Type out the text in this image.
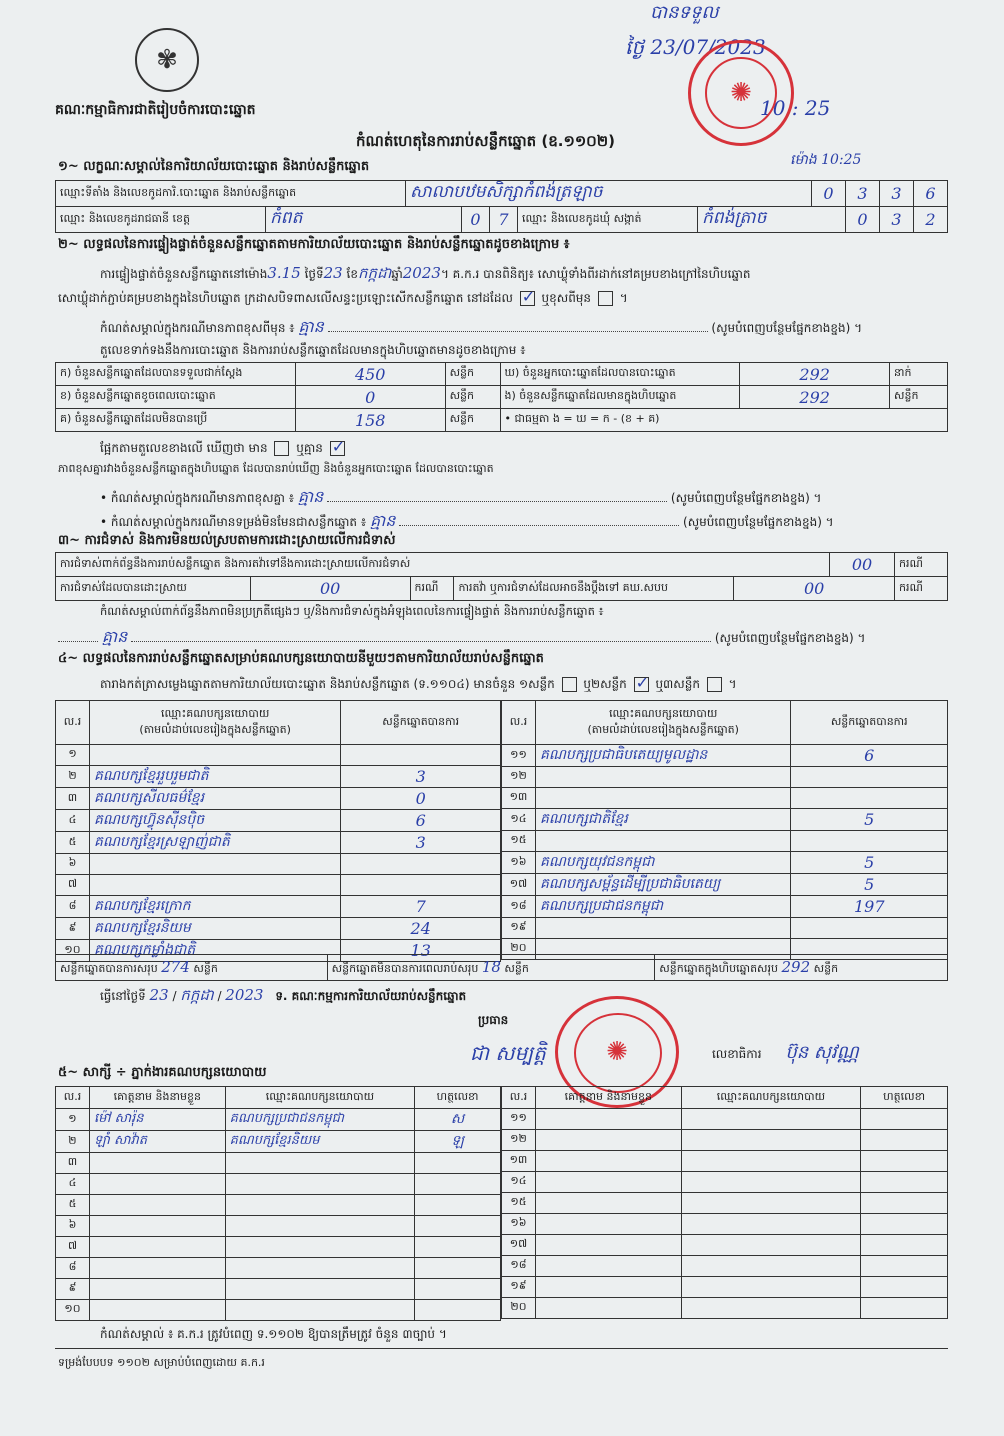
✾
គណៈកម្មាធិការជាតិរៀបចំការបោះឆ្នោត
កំណត់ហេតុនៃការរាប់សន្លឹកឆ្នោត (ឧ.១១០២)
បានទទួល
ថ្ងៃ 23/07/2023
10 : 25
ម៉ោង 10:25
✺
១~ លក្ខណៈសម្គាល់នៃការិយាល័យបោះឆ្នោត និងរាប់សន្លឹកឆ្នោត
ឈ្មោះទីតាំង និងលេខកូដការិ.បោះឆ្នោត និងរាប់សន្លឹកឆ្នោត	សាលាបឋមសិក្សាកំពង់ត្រឡាច	0	3	3	6
ឈ្មោះ និងលេខកូដរាជធានី ខេត្ត	កំពត	0	7	ឈ្មោះ និងលេខកូដឃុំ សង្កាត់	កំពង់ត្រាច	0	3	2
២~ លទ្ធផលនៃការផ្ទៀងផ្ទាត់ចំនួនសន្លឹកឆ្នោតតាមការិយាល័យបោះឆ្នោត និងរាប់សន្លឹកឆ្នោតដូចខាងក្រោម ៖
ការផ្ទៀងផ្ទាត់ចំនួនសន្លឹកឆ្នោតនៅម៉ោង3.15 ថ្ងៃទី23 ខែកក្កដាឆ្នាំ2023។ គ.ក.រ បានពិនិត្យ៖ សោឃ្លុំទាំងពីរដាក់នៅគម្របខាងក្រៅនៃហិបឆ្នោត
សោឃ្លុំដាក់ភ្ជាប់គម្របខាងក្នុងនៃហិបឆ្នោត ក្រដាសបិទពាសលើសន្ទះប្រឡោះសើកសន្លឹកឆ្នោត នៅដដែល ✓ ឬខុសពីមុន  ។
កំណត់សម្គាល់ក្នុងករណីមានភាពខុសពីមុន ៖ គ្មាន	(សូមបំពេញបន្ថែមផ្នែកខាងខ្នង) ។
តួលេខទាក់ទងនឹងការបោះឆ្នោត និងការរាប់សន្លឹកឆ្នោតដែលមានក្នុងហិបឆ្នោតមានដូចខាងក្រោម ៖
ក) ចំនួនសន្លឹកឆ្នោតដែលបានទទួលជាក់ស្តែង	450	សន្លឹក	ឃ) ចំនួនអ្នកបោះឆ្នោតដែលបានបោះឆ្នោត	292	នាក់
ខ) ចំនួនសន្លឹកឆ្នោតខូចពេលបោះឆ្នោត	0	សន្លឹក	ង) ចំនួនសន្លឹកឆ្នោតដែលមានក្នុងហិបឆ្នោត	292	សន្លឹក
គ) ចំនួនសន្លឹកឆ្នោតដែលមិនបានប្រើ	158	សន្លឹក	• ជាធម្មតា ង = ឃ = ក - (ខ + គ)		
ផ្អែកតាមតួលេខខាងលើ ឃើញថា មាន ឬគ្មាន ✓
ភាពខុសគ្នារវាងចំនួនសន្លឹកឆ្នោតក្នុងហិបឆ្នោត ដែលបានរាប់ឃើញ និងចំនួនអ្នកបោះឆ្នោត ដែលបានបោះឆ្នោត
• កំណត់សម្គាល់ក្នុងករណីមានភាពខុសគ្នា ៖ គ្មាន	(សូមបំពេញបន្ថែមផ្នែកខាងខ្នង) ។
• កំណត់សម្គាល់ក្នុងករណីមានទម្រង់មិនមែនជាសន្លឹកឆ្នោត ៖ គ្មាន	(សូមបំពេញបន្ថែមផ្នែកខាងខ្នង) ។
៣~ ការជំទាស់ និងការមិនយល់ស្របតាមការដោះស្រាយលើការជំទាស់
ការជំទាស់ពាក់ព័ន្ធនឹងការរាប់សន្លឹកឆ្នោត និងការតវ៉ាទៅនឹងការដោះស្រាយលើការជំទាស់	00	ករណី
ការជំទាស់ដែលបានដោះស្រាយ	00	ករណី	ការតវ៉ា ឬការជំទាស់ដែលអាចនឹងប្តឹងទៅ គឃ.សបប	00	ករណី
កំណត់សម្គាល់ពាក់ព័ន្ធនឹងភាពមិនប្រក្រតីផ្សេងៗ ឬ/និងការជំទាស់ក្នុងអំឡុងពេលនៃការផ្ទៀងផ្ទាត់ និងការរាប់សន្លឹកឆ្នោត ៖
គ្មាន	(សូមបំពេញបន្ថែមផ្នែកខាងខ្នង) ។
៤~ លទ្ធផលនៃការរាប់សន្លឹកឆ្នោតសម្រាប់គណបក្សនយោបាយនីមួយៗតាមការិយាល័យរាប់សន្លឹកឆ្នោត
តារាងកត់ត្រាសម្លេងឆ្នោតតាមការិយាល័យបោះឆ្នោត និងរាប់សន្លឹកឆ្នោត (ទ.១១០៤) មានចំនួន ១សន្លឹក ឬ២សន្លឹក ✓ ឬ៣សន្លឹក  ។
ល.រ	ឈ្មោះគណបក្សនយោបាយ
(តាមលំដាប់លេខរៀងក្នុងសន្លឹកឆ្នោត)	សន្លឹកឆ្នោតបានការ
១		
២	គណបក្សខ្មែររួបរួមជាតិ	3
៣	គណបក្សសីលធម៌ខ្មែរ	0
៤	គណបក្សហ៊្វុនស៊ីនប៉ិច	6
៥	គណបក្សខ្មែរស្រឡាញ់ជាតិ	3
៦		
៧		
៨	គណបក្សខ្មែរក្រោក	7
៩	គណបក្សខ្មែរនិយម	24
១០	គណបក្សកម្លាំងជាតិ	13
ល.រ	ឈ្មោះគណបក្សនយោបាយ
(តាមលំដាប់លេខរៀងក្នុងសន្លឹកឆ្នោត)	សន្លឹកឆ្នោតបានការ
១១	គណបក្សប្រជាធិបតេយ្យមូលដ្ឋាន	6
១២		
១៣		
១៤	គណបក្សជាតិខ្មែរ	5
១៥		
១៦	គណបក្សយុវជនកម្ពុជា	5
១៧	គណបក្សសម្ព័ន្ធដើម្បីប្រជាធិបតេយ្យ	5
១៨	គណបក្សប្រជាជនកម្ពុជា	197
១៩		
២០		
សន្លឹកឆ្នោតបានការសរុប 274 សន្លឹក	សន្លឹកឆ្នោតមិនបានការពេលរាប់សរុប 18 សន្លឹក	សន្លឹកឆ្នោតក្នុងហិបឆ្នោតសរុប 292 សន្លឹក
ធ្វើនៅថ្ងៃទី 23 / កក្កដា / 2023 ទ. គណៈកម្មការការិយាល័យរាប់សន្លឹកឆ្នោត
ប្រធាន
ជា សម្បត្តិ ✺	លេខាធិការ ប៊ុន សុវណ្ណ
៥~ សាក្សី ÷ ភ្នាក់ងារគណបក្សនយោបាយ
ល.រ	គោត្តនាម និងនាមខ្លួន	ឈ្មោះគណបក្សនយោបាយ	ហត្ថលេខា
១	ម៉ៅ សារ៉ុន	គណបក្សប្រជាជនកម្ពុជា	ស
២	ឡាំ សាវ៉ាត	គណបក្សខ្មែរនិយម	ឡ
៣			
៤			
៥			
៦			
៧			
៨			
៩			
១០			
ល.រ	គោត្តនាម និងនាមខ្លួន	ឈ្មោះគណបក្សនយោបាយ	ហត្ថលេខា
១១			
១២			
១៣			
១៤			
១៥			
១៦			
១៧			
១៨			
១៩			
២០			
កំណត់សម្គាល់ ៖ គ.ក.រ ត្រូវបំពេញ ទ.១១០២ ឱ្យបានត្រឹមត្រូវ ចំនួន ៣ច្បាប់ ។
ទម្រង់បែបបទ ១១០២ សម្រាប់បំពេញដោយ គ.ក.រ
